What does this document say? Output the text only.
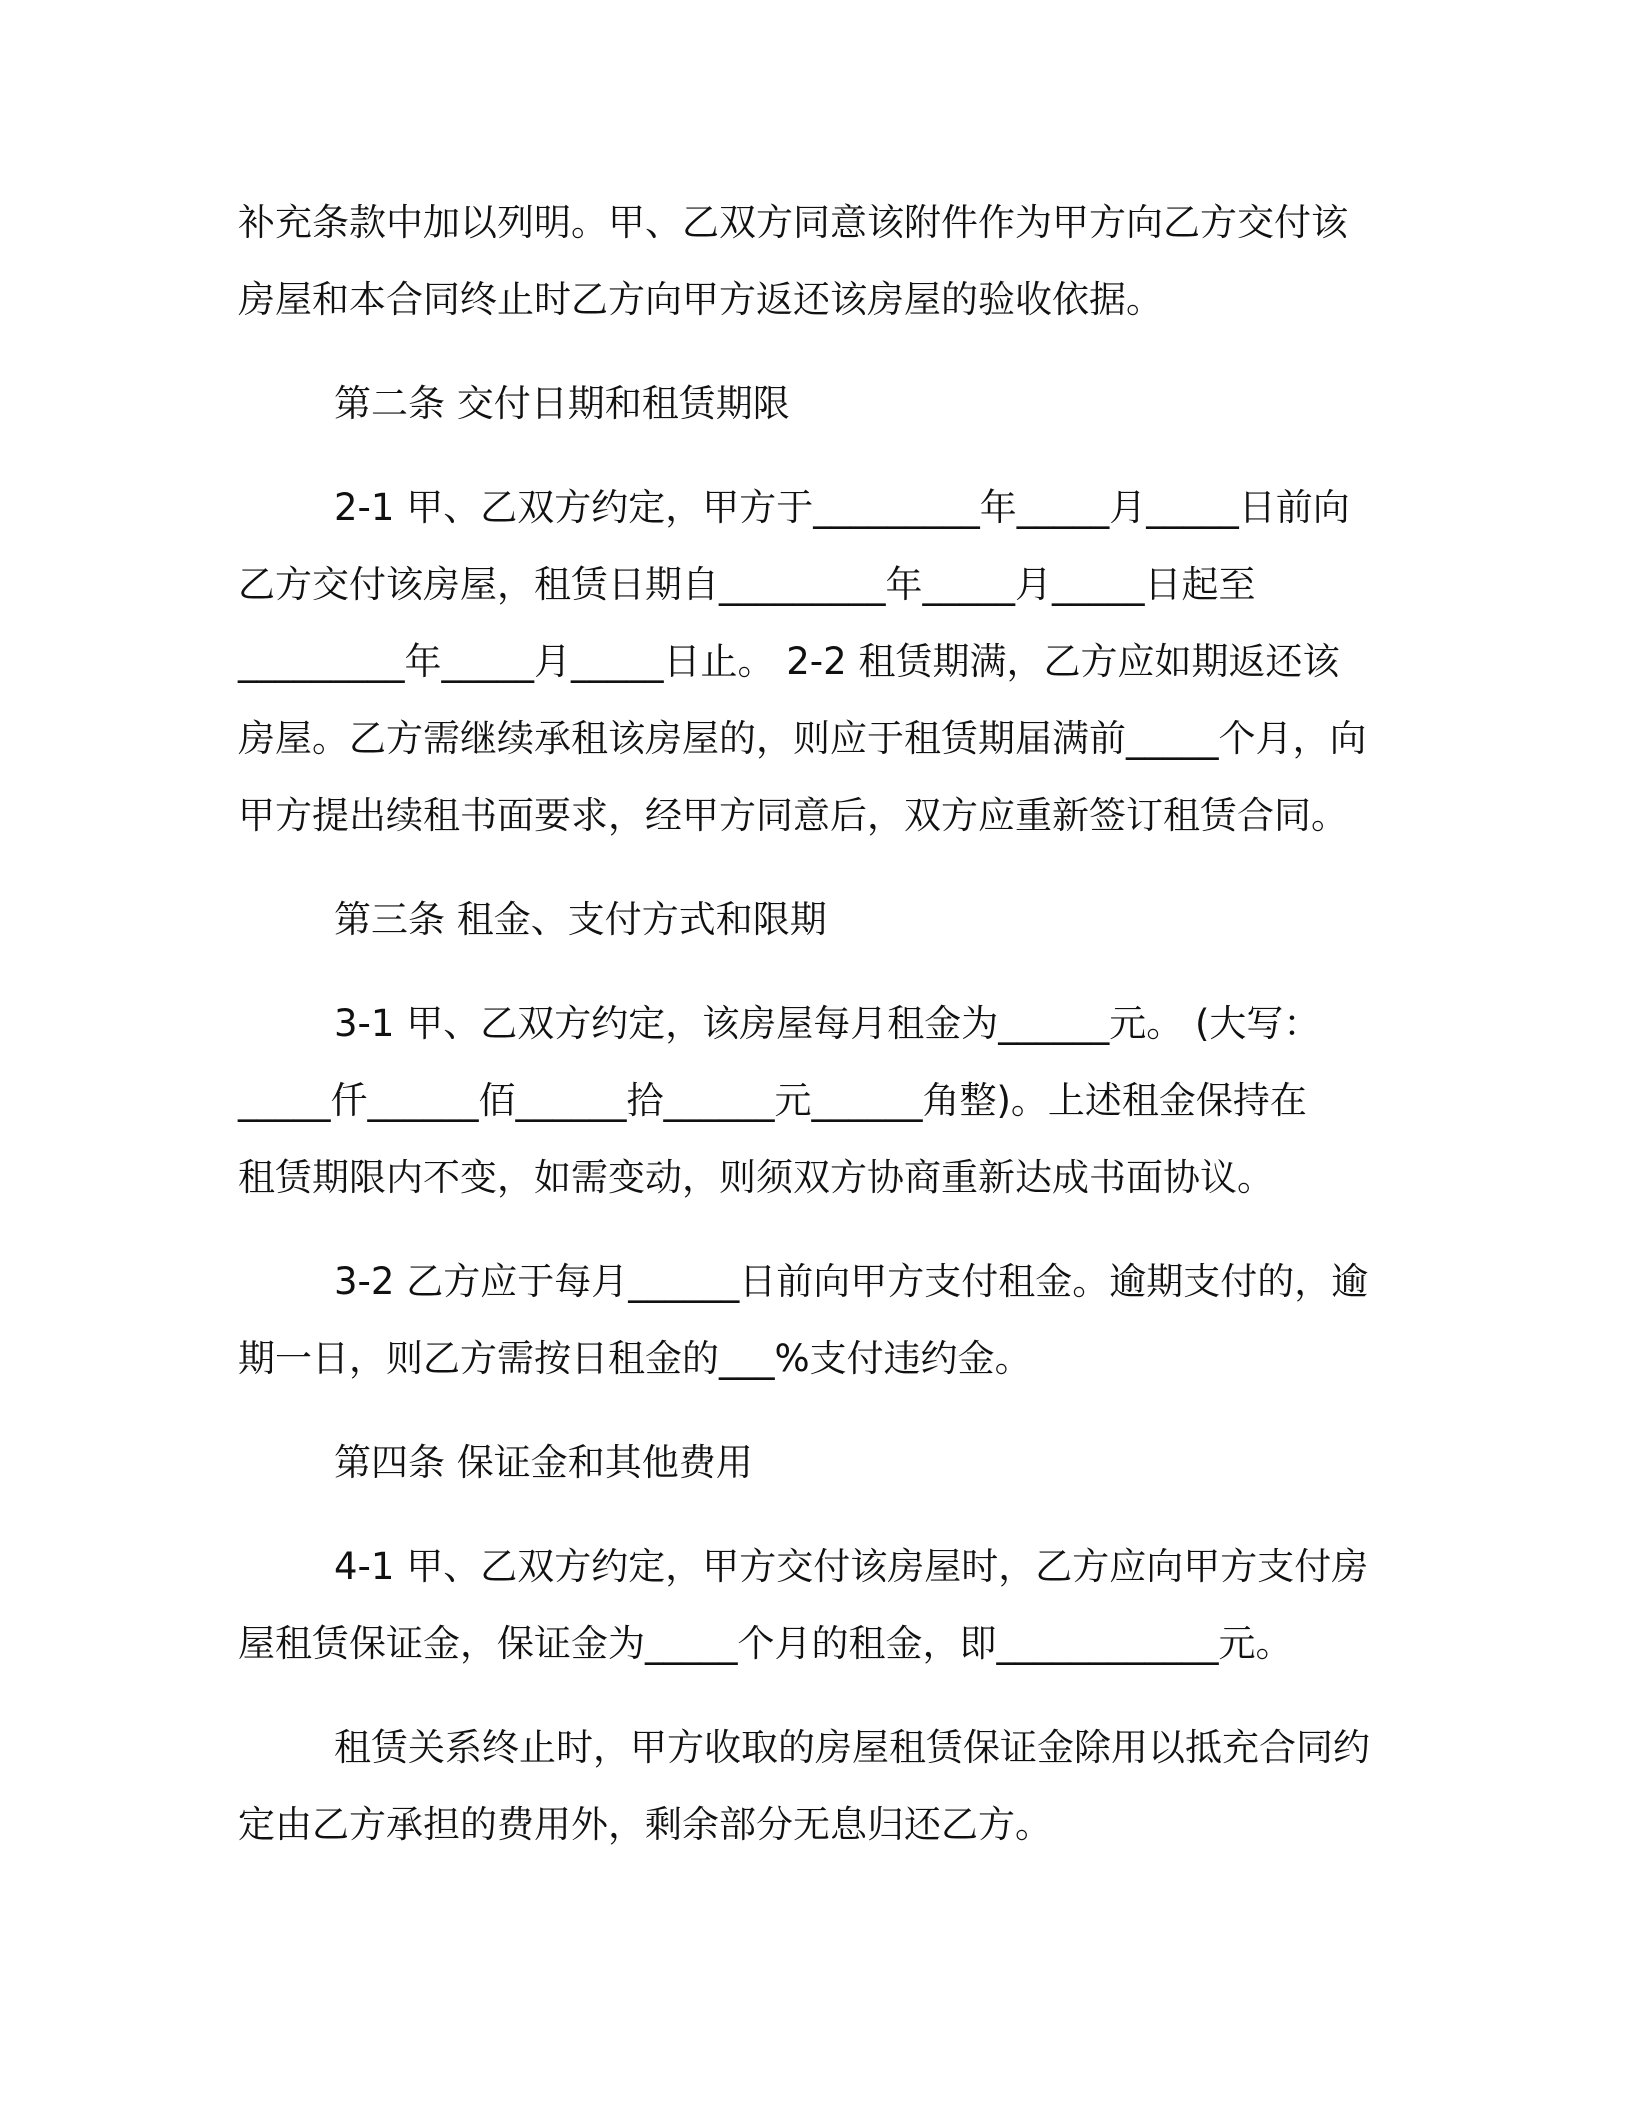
补充条款中加以列明。甲、乙双方同意该附件作为甲方向乙方交付该
房屋和本合同终止时乙方向甲方返还该房屋的验收依据。

第二条 交付日期和租赁期限

2-1 甲、乙双方约定，甲方于_________年_____月_____日前向
乙方交付该房屋，租赁日期自_________年_____月_____日起至
_________年_____月_____日止。 2-2 租赁期满，乙方应如期返还该
房屋。乙方需继续承租该房屋的，则应于租赁期届满前_____个月，向
甲方提出续租书面要求，经甲方同意后，双方应重新签订租赁合同。

第三条 租金、支付方式和限期

3-1 甲、乙双方约定，该房屋每月租金为______元。 (大写：
_____仟______佰______拾______元______角整)。上述租金保持在
租赁期限内不变，如需变动，则须双方协商重新达成书面协议。

3-2 乙方应于每月______日前向甲方支付租金。逾期支付的，逾
期一日，则乙方需按日租金的___%支付违约金。

第四条 保证金和其他费用

4-1 甲、乙双方约定，甲方交付该房屋时，乙方应向甲方支付房
屋租赁保证金，保证金为_____个月的租金，即____________元。

租赁关系终止时，甲方收取的房屋租赁保证金除用以抵充合同约
定由乙方承担的费用外，剩余部分无息归还乙方。
